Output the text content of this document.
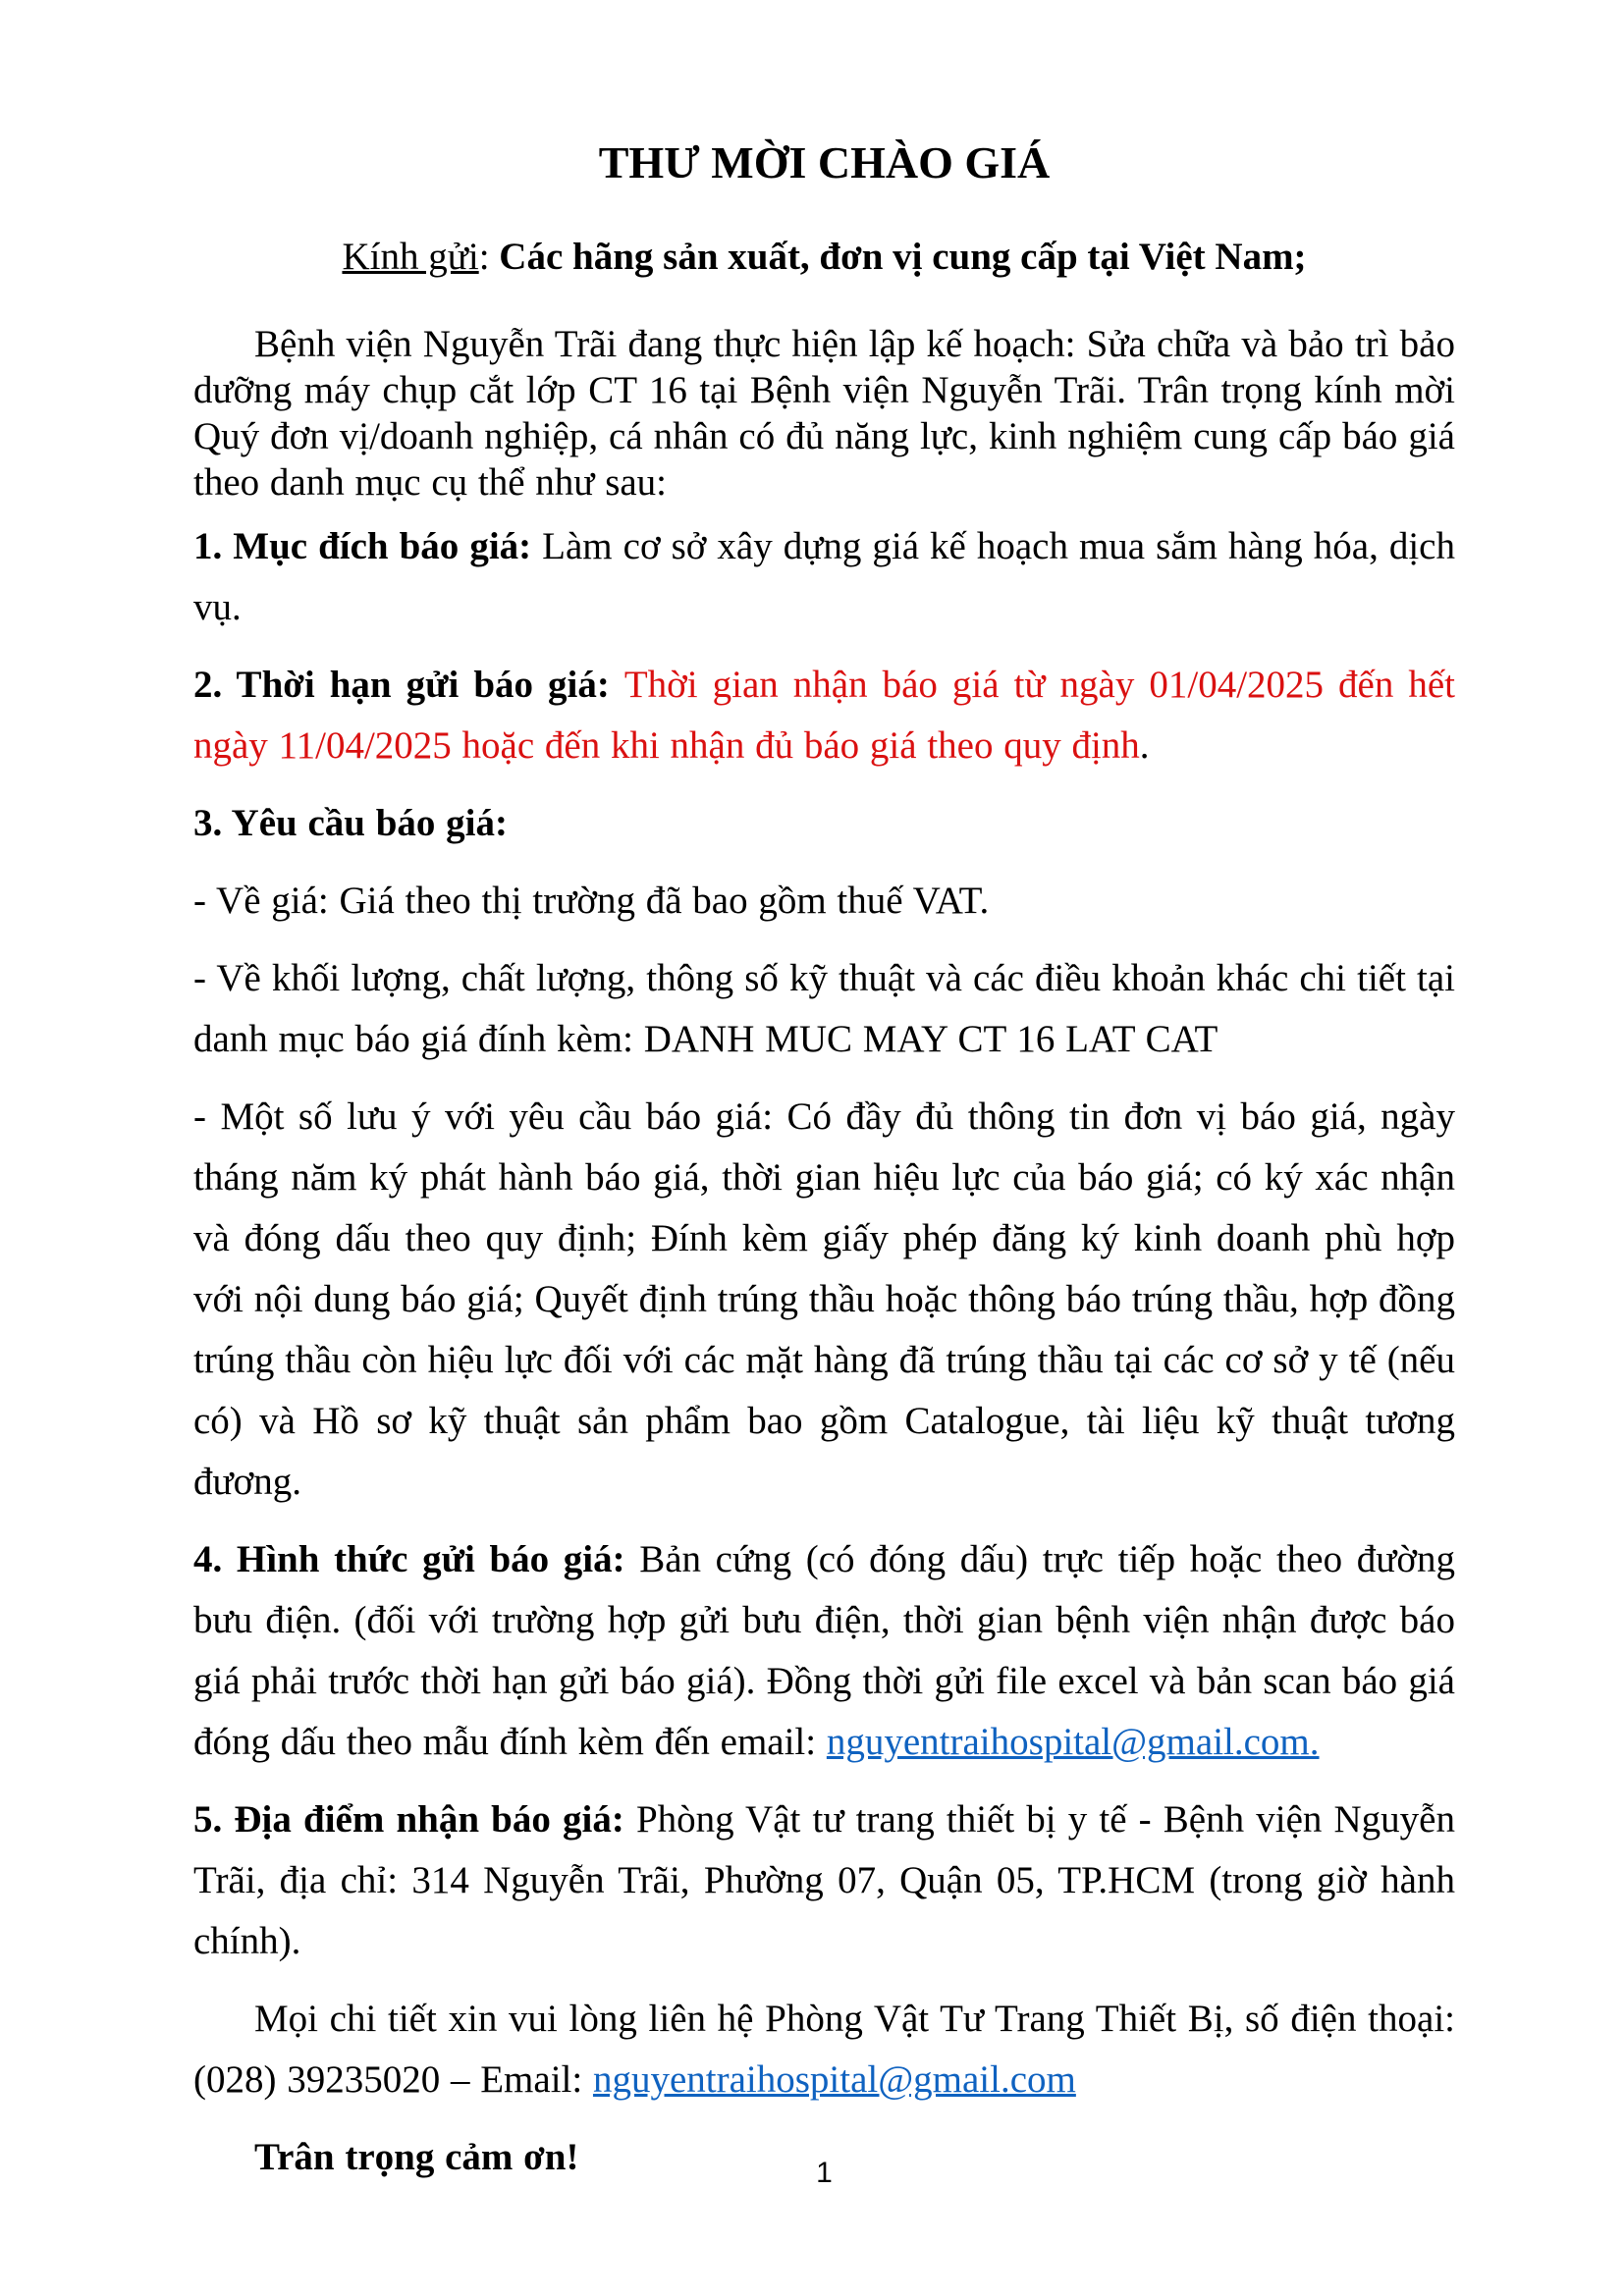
THƯ MỜI CHÀO GIÁ

Kính gửi: Các hãng sản xuất, đơn vị cung cấp tại Việt Nam;

Bệnh viện Nguyễn Trãi đang thực hiện lập kế hoạch: Sửa chữa và bảo trì bảo dưỡng máy chụp cắt lớp CT 16 tại Bệnh viện Nguyễn Trãi. Trân trọng kính mời Quý đơn vị/doanh nghiệp, cá nhân có đủ năng lực, kinh nghiệm cung cấp báo giá theo danh mục cụ thể như sau:

1. Mục đích báo giá: Làm cơ sở xây dựng giá kế hoạch mua sắm hàng hóa, dịch vụ.

2. Thời hạn gửi báo giá: Thời gian nhận báo giá từ ngày 01/04/2025 đến hết ngày 11/04/2025 hoặc đến khi nhận đủ báo giá theo quy định.

3. Yêu cầu báo giá:

- Về giá: Giá theo thị trường đã bao gồm thuế VAT.

- Về khối lượng, chất lượng, thông số kỹ thuật và các điều khoản khác chi tiết tại danh mục báo giá đính kèm: DANH MUC MAY CT 16 LAT CAT

- Một số lưu ý với yêu cầu báo giá: Có đầy đủ thông tin đơn vị báo giá, ngày tháng năm ký phát hành báo giá, thời gian hiệu lực của báo giá; có ký xác nhận và đóng dấu theo quy định; Đính kèm giấy phép đăng ký kinh doanh phù hợp với nội dung báo giá; Quyết định trúng thầu hoặc thông báo trúng thầu, hợp đồng trúng thầu còn hiệu lực đối với các mặt hàng đã trúng thầu tại các cơ sở y tế (nếu có) và Hồ sơ kỹ thuật sản phẩm bao gồm Catalogue, tài liệu kỹ thuật tương đương.

4. Hình thức gửi báo giá: Bản cứng (có đóng dấu) trực tiếp hoặc theo đường bưu điện. (đối với trường hợp gửi bưu điện, thời gian bệnh viện nhận được báo giá phải trước thời hạn gửi báo giá). Đồng thời gửi file excel và bản scan báo giá đóng dấu theo mẫu đính kèm đến email: nguyentraihospital@gmail.com.

5. Địa điểm nhận báo giá: Phòng Vật tư trang thiết bị y tế - Bệnh viện Nguyễn Trãi, địa chỉ: 314 Nguyễn Trãi, Phường 07, Quận 05, TP.HCM (trong giờ hành chính).

Mọi chi tiết xin vui lòng liên hệ Phòng Vật Tư Trang Thiết Bị, số điện thoại: (028) 39235020 – Email: nguyentraihospital@gmail.com

Trân trọng cảm ơn!	1
